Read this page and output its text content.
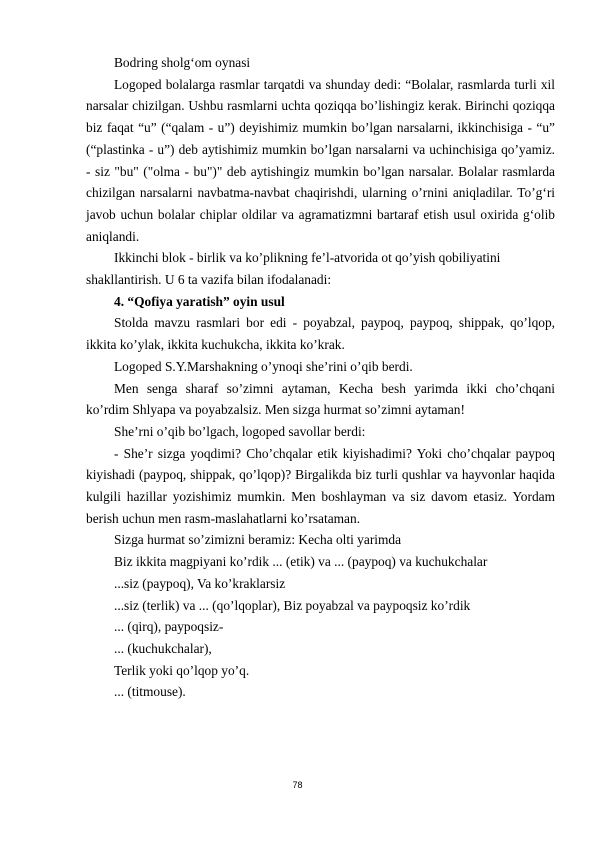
Bodring sholg‘om oynasi

Logoped bolalarga rasmlar tarqatdi va shunday dedi: “Bolalar, rasmlarda turli xil narsalar chizilgan. Ushbu rasmlarni uchta qoziqqa bo’lishingiz kerak. Birinchi qoziqqa biz faqat “u” (“qalam - u”) deyishimiz mumkin bo’lgan narsalarni, ikkinchisiga - “u” (“plastinka - u”) deb aytishimiz mumkin bo’lgan narsalarni va uchinchisiga qo’yamiz. - siz "bu" ("olma - bu")" deb aytishingiz mumkin bo’lgan narsalar. Bolalar rasmlarda chizilgan narsalarni navbatma-navbat chaqirishdi, ularning o’rnini aniqladilar. To’g‘ri javob uchun bolalar chiplar oldilar va agramatizmni bartaraf etish usul oxirida g‘olib aniqlandi.

Ikkinchi blok - birlik va ko’plikning fe’l-atvorida ot qo’yish qobiliyatini shakllantirish. U 6 ta vazifa bilan ifodalanadi:

4. “Qofiya yaratish” oyin usul

Stolda mavzu rasmlari bor edi - poyabzal, paypoq, paypoq, shippak, qo’lqop, ikkita ko’ylak, ikkita kuchukcha, ikkita ko’krak.

Logoped S.Y.Marshakning o’ynoqi she’rini o’qib berdi.

Men senga sharaf so’zimni aytaman, Kecha besh yarimda ikki cho’chqani ko’rdim Shlyapa va poyabzalsiz. Men sizga hurmat so’zimni aytaman!

She’rni o’qib bo’lgach, logoped savollar berdi:

- She’r sizga yoqdimi? Cho’chqalar etik kiyishadimi? Yoki cho’chqalar paypoq kiyishadi (paypoq, shippak, qo’lqop)? Birgalikda biz turli qushlar va hayvonlar haqida kulgili hazillar yozishimiz mumkin. Men boshlayman va siz davom etasiz. Yordam berish uchun men rasm-maslahatlarni ko’rsataman.

Sizga hurmat so’zimizni beramiz: Kecha olti yarimda

Biz ikkita magpiyani ko’rdik ... (etik) va ... (paypoq) va kuchukchalar

...siz (paypoq), Va ko’kraklarsiz

...siz (terlik) va ... (qo’lqoplar), Biz poyabzal va paypoqsiz ko’rdik

... (qirq), paypoqsiz-

... (kuchukchalar),

Terlik yoki qo’lqop yo’q.

... (titmouse).

78
